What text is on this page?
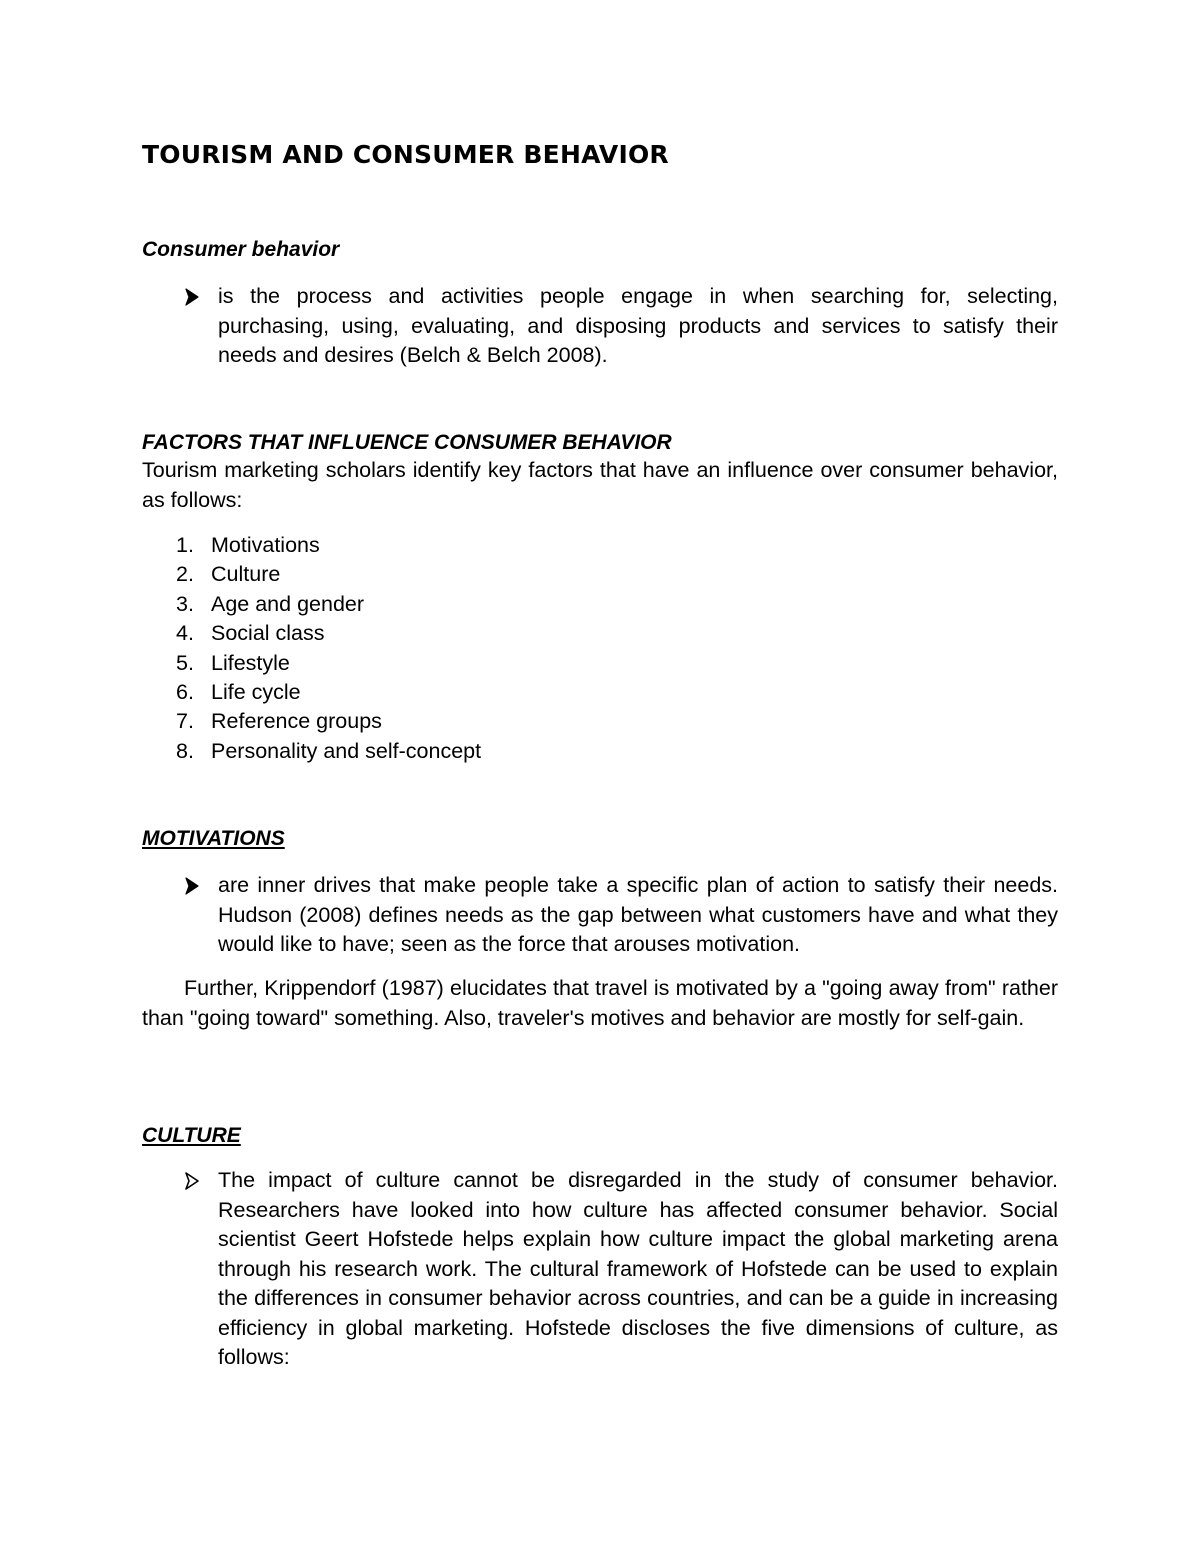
TOURISM AND CONSUMER BEHAVIOR
Consumer behavior
is the process and activities people engage in when searching for, selecting, purchasing, using, evaluating, and disposing products and services to satisfy their needs and desires (Belch & Belch 2008).
FACTORS THAT INFLUENCE CONSUMER BEHAVIOR
Tourism marketing scholars identify key factors that have an influence over consumer behavior, as follows:
1. Motivations
2. Culture
3. Age and gender
4. Social class
5. Lifestyle
6. Life cycle
7. Reference groups
8. Personality and self-concept
MOTIVATIONS
are inner drives that make people take a specific plan of action to satisfy their needs. Hudson (2008) defines needs as the gap between what customers have and what they would like to have; seen as the force that arouses motivation.
Further, Krippendorf (1987) elucidates that travel is motivated by a "going away from" rather than "going toward" something. Also, traveler's motives and behavior are mostly for self-gain.
CULTURE
The impact of culture cannot be disregarded in the study of consumer behavior. Researchers have looked into how culture has affected consumer behavior. Social scientist Geert Hofstede helps explain how culture impact the global marketing arena through his research work. The cultural framework of Hofstede can be used to explain the differences in consumer behavior across countries, and can be a guide in increasing efficiency in global marketing. Hofstede discloses the five dimensions of culture, as follows:
